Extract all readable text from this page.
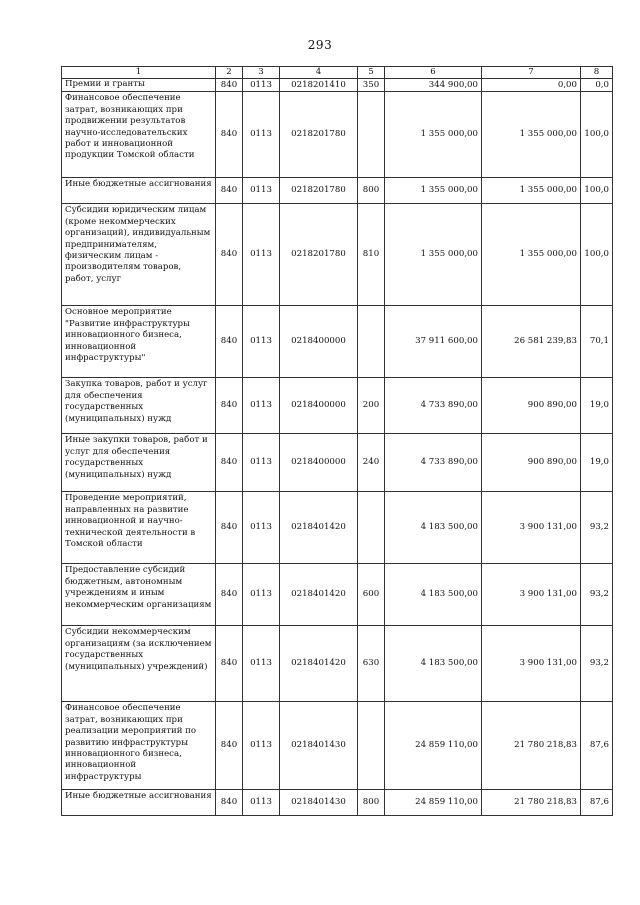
293
1	2	3	4	5	6	7	8
Премии и гранты	840	0113	0218201410	350	344 900,00	0,00	0,0
Финансовое обеспечение затрат, возникающих при продвижении результатов научно-исследовательских работ и инновационной продукции Томской области	840	0113	0218201780		1 355 000,00	1 355 000,00	100,0
Иные бюджетные ассигнования	840	0113	0218201780	800	1 355 000,00	1 355 000,00	100,0
Субсидии юридическим лицам (кроме некоммерческих организаций), индивидуальным предпринимателям, физическим лицам - производителям товаров, работ, услуг	840	0113	0218201780	810	1 355 000,00	1 355 000,00	100,0
Основное мероприятие "Развитие инфраструктуры инновационного бизнеса, инновационной инфраструктуры"	840	0113	0218400000		37 911 600,00	26 581 239,83	70,1
Закупка товаров, работ и услуг для обеспечения государственных (муниципальных) нужд	840	0113	0218400000	200	4 733 890,00	900 890,00	19,0
Иные закупки товаров, работ и услуг для обеспечения государственных (муниципальных) нужд	840	0113	0218400000	240	4 733 890,00	900 890,00	19,0
Проведение мероприятий, направленных на развитие инновационной и научно-технической деятельности в Томской области	840	0113	0218401420		4 183 500,00	3 900 131,00	93,2
Предоставление субсидий бюджетным, автономным учреждениям и иным некоммерческим организациям	840	0113	0218401420	600	4 183 500,00	3 900 131,00	93,2
Субсидии некоммерческим организациям (за исключением государственных (муниципальных) учреждений)	840	0113	0218401420	630	4 183 500,00	3 900 131,00	93,2
Финансовое обеспечение затрат, возникающих при реализации мероприятий по развитию инфраструктуры инновационного бизнеса, инновационной инфраструктуры	840	0113	0218401430		24 859 110,00	21 780 218,83	87,6
Иные бюджетные ассигнования	840	0113	0218401430	800	24 859 110,00	21 780 218,83	87,6
